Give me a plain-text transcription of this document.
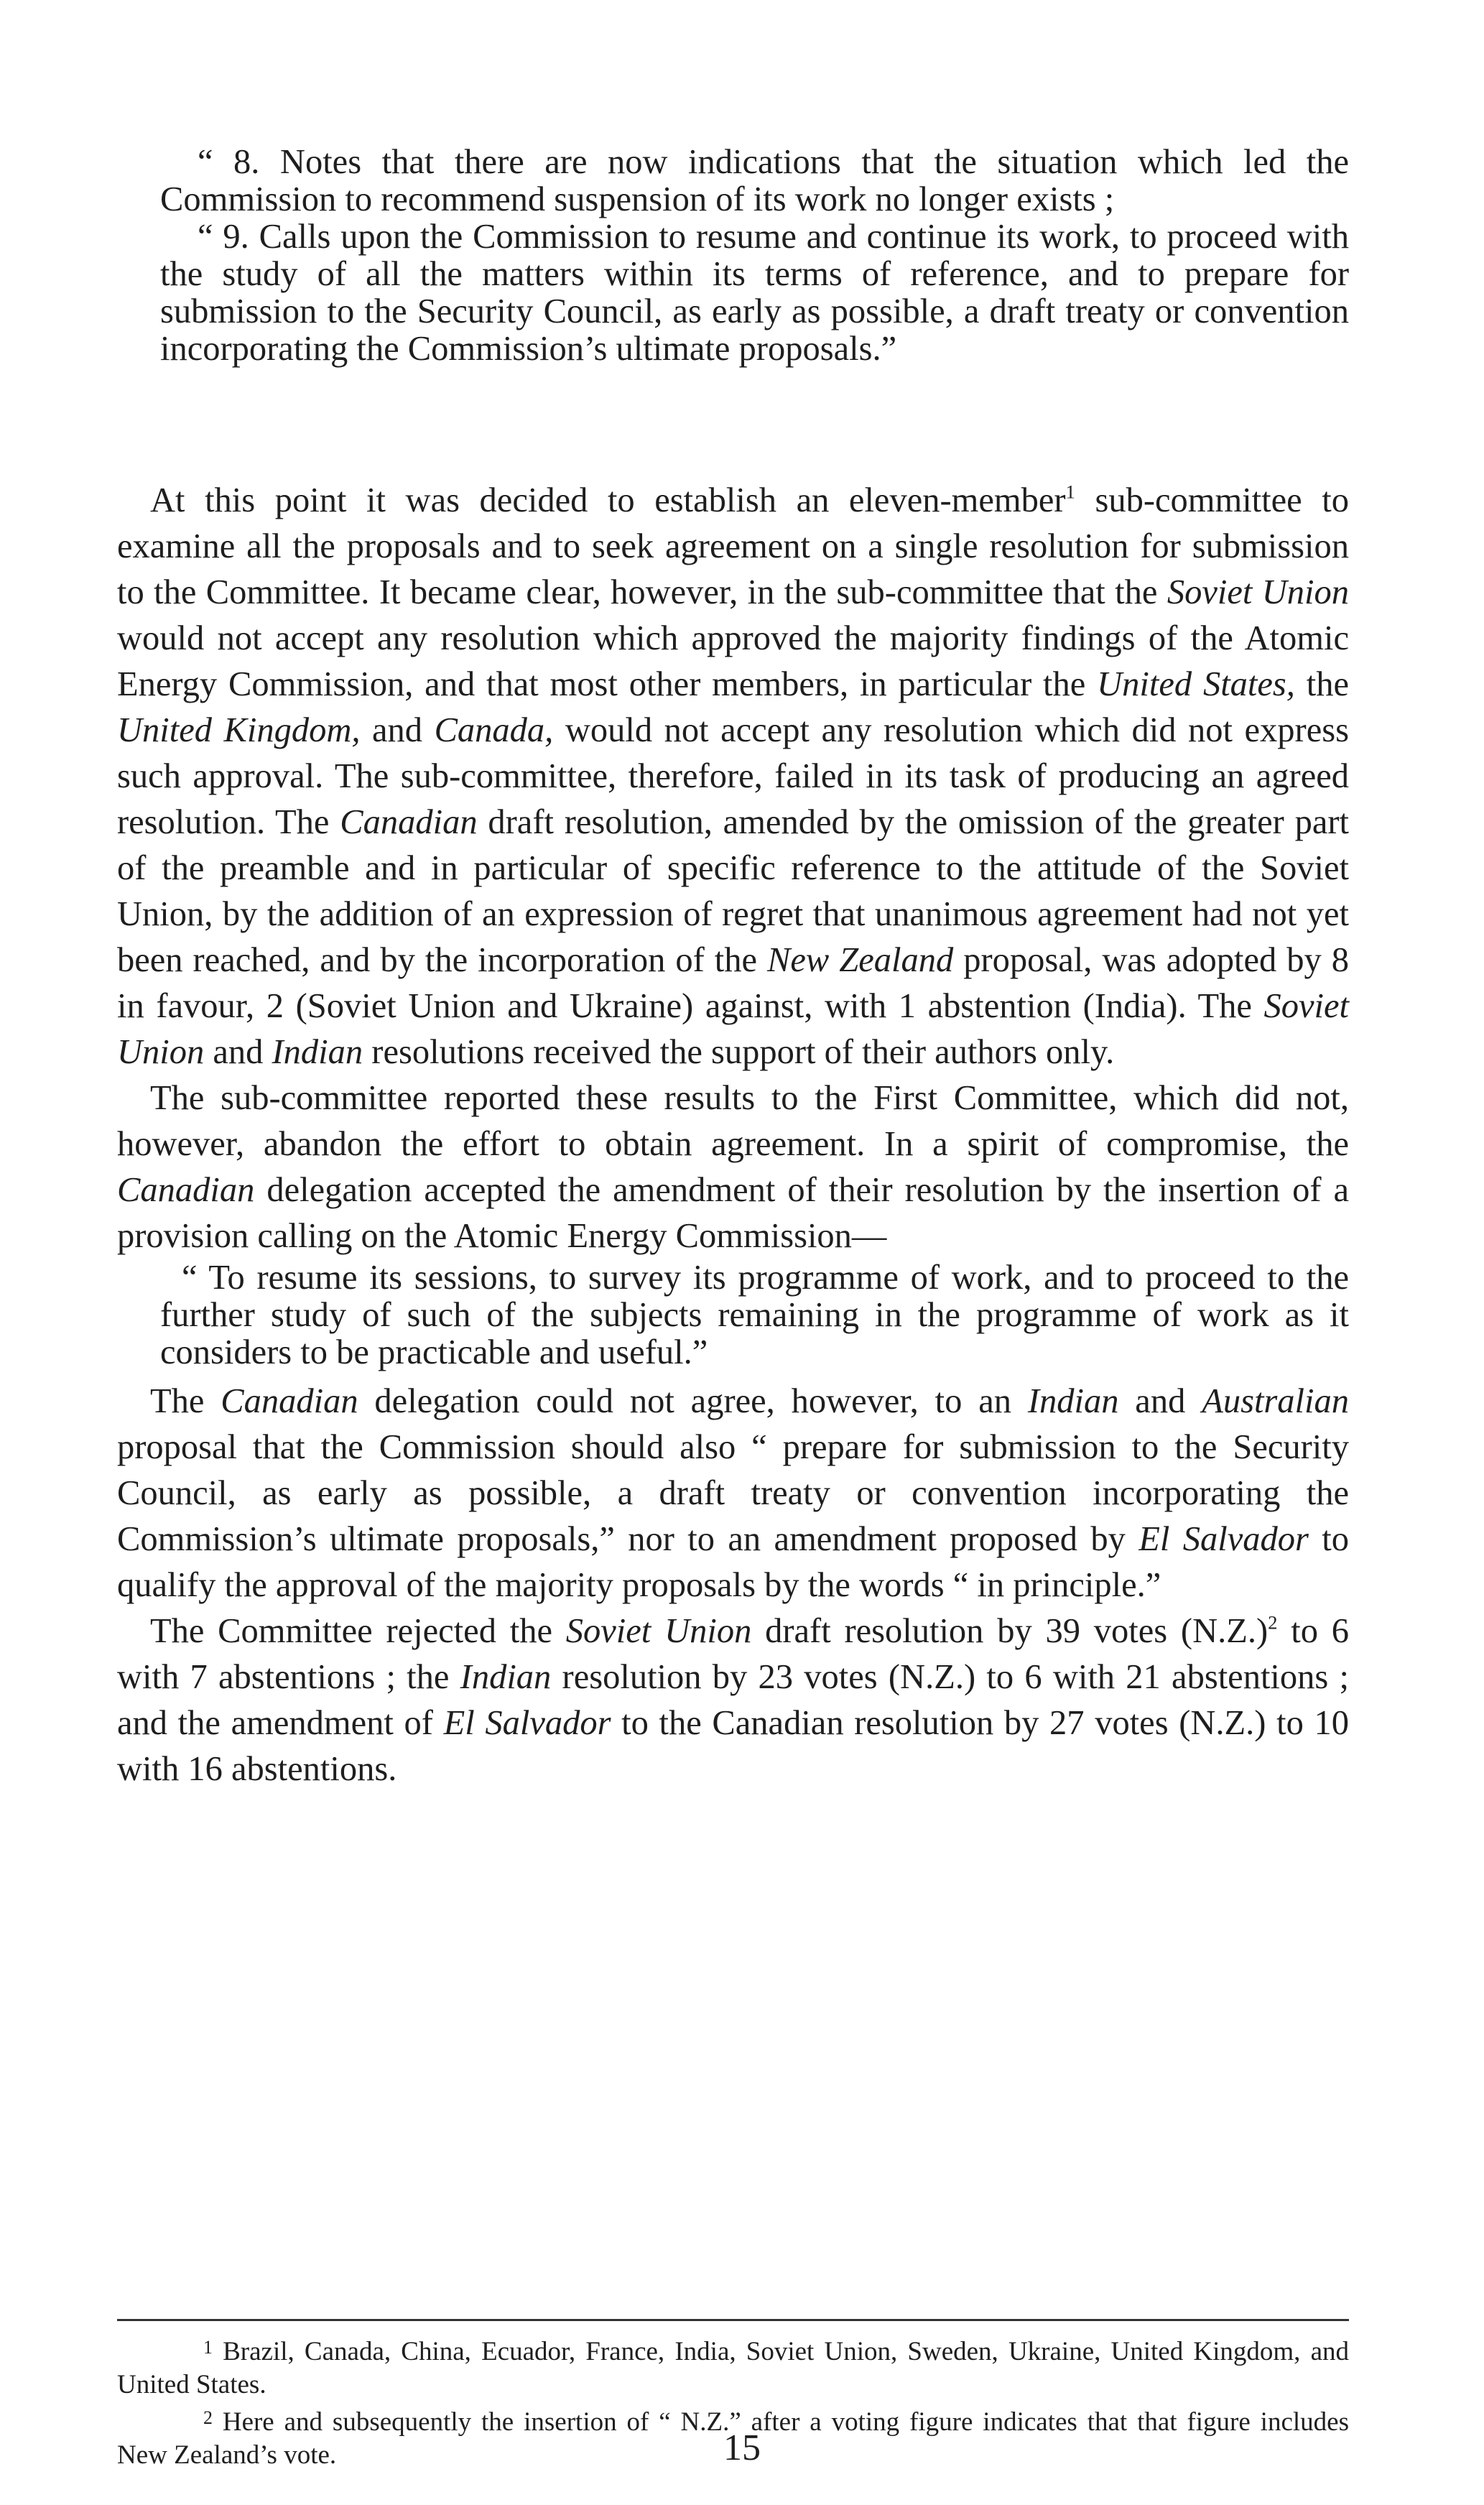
“ 8. Notes that there are now indications that the situation which led the Commission to recommend suspension of its work no longer exists ;

“ 9. Calls upon the Commission to resume and continue its work, to proceed with the study of all the matters within its terms of reference, and to prepare for submission to the Security Council, as early as possible, a draft treaty or convention incorporating the Commission’s ultimate proposals.”

At this point it was decided to establish an eleven-member$^1$ sub-committee to examine all the proposals and to seek agreement on a single resolution for submission to the Committee. It became clear, however, in the sub-committee that the Soviet Union would not accept any resolution which approved the majority findings of the Atomic Energy Commission, and that most other members, in particular the United States, the United Kingdom, and Canada, would not accept any resolution which did not express such approval. The sub-committee, therefore, failed in its task of producing an agreed resolution. The Canadian draft resolution, amended by the omission of the greater part of the preamble and in particular of specific reference to the attitude of the Soviet Union, by the addition of an expression of regret that unanimous agreement had not yet been reached, and by the incorporation of the New Zealand proposal, was adopted by 8 in favour, 2 (Soviet Union and Ukraine) against, with 1 abstention (India). The Soviet Union and Indian resolutions received the support of their authors only.

The sub-committee reported these results to the First Committee, which did not, however, abandon the effort to obtain agreement. In a spirit of compromise, the Canadian delegation accepted the amendment of their resolution by the insertion of a provision calling on the Atomic Energy Commission—

“ To resume its sessions, to survey its programme of work, and to proceed to the further study of such of the subjects remaining in the programme of work as it considers to be practicable and useful.”

The Canadian delegation could not agree, however, to an Indian and Australian proposal that the Commission should also “ prepare for submission to the Security Council, as early as possible, a draft treaty or convention incorporating the Commission’s ultimate proposals,” nor to an amendment proposed by El Salvador to qualify the approval of the majority proposals by the words “ in principle.”

The Committee rejected the Soviet Union draft resolution by 39 votes $(N.Z.)^2$ to 6 with 7 abstentions ; the Indian resolution by 23 votes (N.Z.) to 6 with 21 abstentions ; and the amendment of El Salvador to the Canadian resolution by 27 votes (N.Z.) to 10 with 16 abstentions.

$^1$ Brazil, Canada, China, Ecuador, France, India, Soviet Union, Sweden, Ukraine, United Kingdom, and United States.

$^2$ Here and subsequently the insertion of “ N.Z.” after a voting figure indicates that that figure includes New Zealand’s vote.	15
